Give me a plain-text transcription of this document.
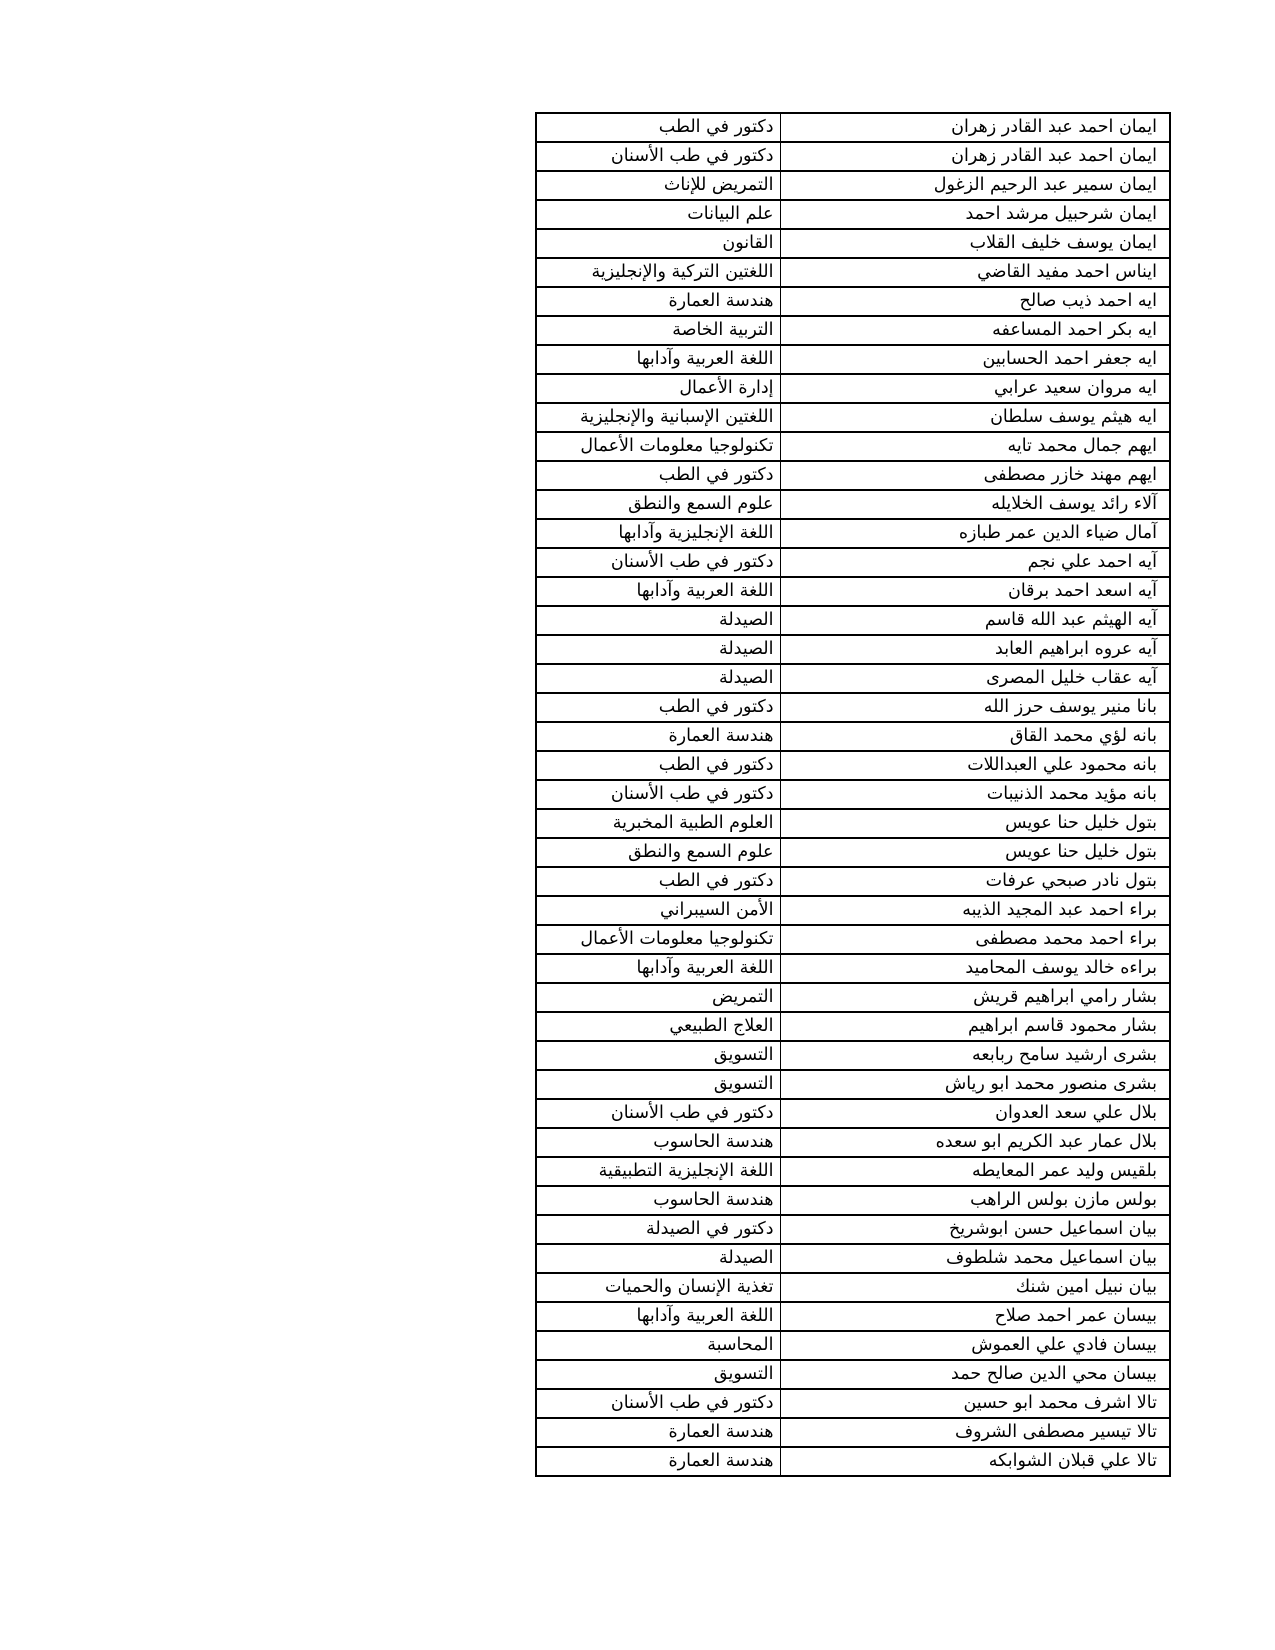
ايمان احمد عبد القادر زهران	دكتور في الطب
ايمان احمد عبد القادر زهران	دكتور في طب الأسنان
ايمان سمير عبد الرحيم الزغول	التمريض للإناث
ايمان شرحبيل مرشد احمد	علم البيانات
ايمان يوسف خليف القلاب	القانون
ايناس احمد مفيد القاضي	اللغتين التركية والإنجليزية
ايه احمد ذيب صالح	هندسة العمارة
ايه بكر احمد المساعفه	التربية الخاصة
ايه جعفر احمد الحسابين	اللغة العربية وآدابها
ايه مروان سعيد عرابي	إدارة الأعمال
ايه هيثم يوسف سلطان	اللغتين الإسبانية والإنجليزية
ايهم جمال محمد تايه	تكنولوجيا معلومات الأعمال
ايهم مهند خازر مصطفى	دكتور في الطب
آلاء رائد يوسف الخلايله	علوم السمع والنطق
آمال ضياء الدين عمر طبازه	اللغة الإنجليزية وآدابها
آيه احمد علي نجم	دكتور في طب الأسنان
آيه اسعد احمد برقان	اللغة العربية وآدابها
آيه الهيثم عبد الله قاسم	الصيدلة
آيه عروه ابراهيم العابد	الصيدلة
آيه عقاب خليل المصرى	الصيدلة
بانا منير يوسف حرز الله	دكتور في الطب
بانه لؤي محمد القاق	هندسة العمارة
بانه محمود علي العبداللات	دكتور في الطب
بانه مؤيد محمد الذنيبات	دكتور في طب الأسنان
بتول خليل حنا عويس	العلوم الطبية المخبرية
بتول خليل حنا عويس	علوم السمع والنطق
بتول نادر صبحي عرفات	دكتور في الطب
براء احمد عبد المجيد الذيبه	الأمن السيبراني
براء احمد محمد مصطفى	تكنولوجيا معلومات الأعمال
براءه خالد يوسف المحاميد	اللغة العربية وآدابها
بشار رامي ابراهيم قريش	التمريض
بشار محمود قاسم ابراهيم	العلاج الطبيعي
بشرى ارشيد سامح ربابعه	التسويق
بشرى منصور محمد ابو رياش	التسويق
بلال علي سعد العدوان	دكتور في طب الأسنان
بلال عمار عبد الكريم ابو سعده	هندسة الحاسوب
بلقيس وليد عمر المعايطه	اللغة الإنجليزية التطبيقية
بولس مازن بولس الراهب	هندسة الحاسوب
بيان اسماعيل حسن ابوشريخ	دكتور في الصيدلة
بيان اسماعيل محمد شلطوف	الصيدلة
بيان نبيل امين شنك	تغذية الإنسان والحميات
بيسان عمر احمد صلاح	اللغة العربية وآدابها
بيسان فادي علي العموش	المحاسبة
بيسان محي الدين صالح حمد	التسويق
تالا اشرف محمد ابو حسين	دكتور في طب الأسنان
تالا تيسير مصطفى الشروف	هندسة العمارة
تالا علي قبلان الشوابكه	هندسة العمارة
